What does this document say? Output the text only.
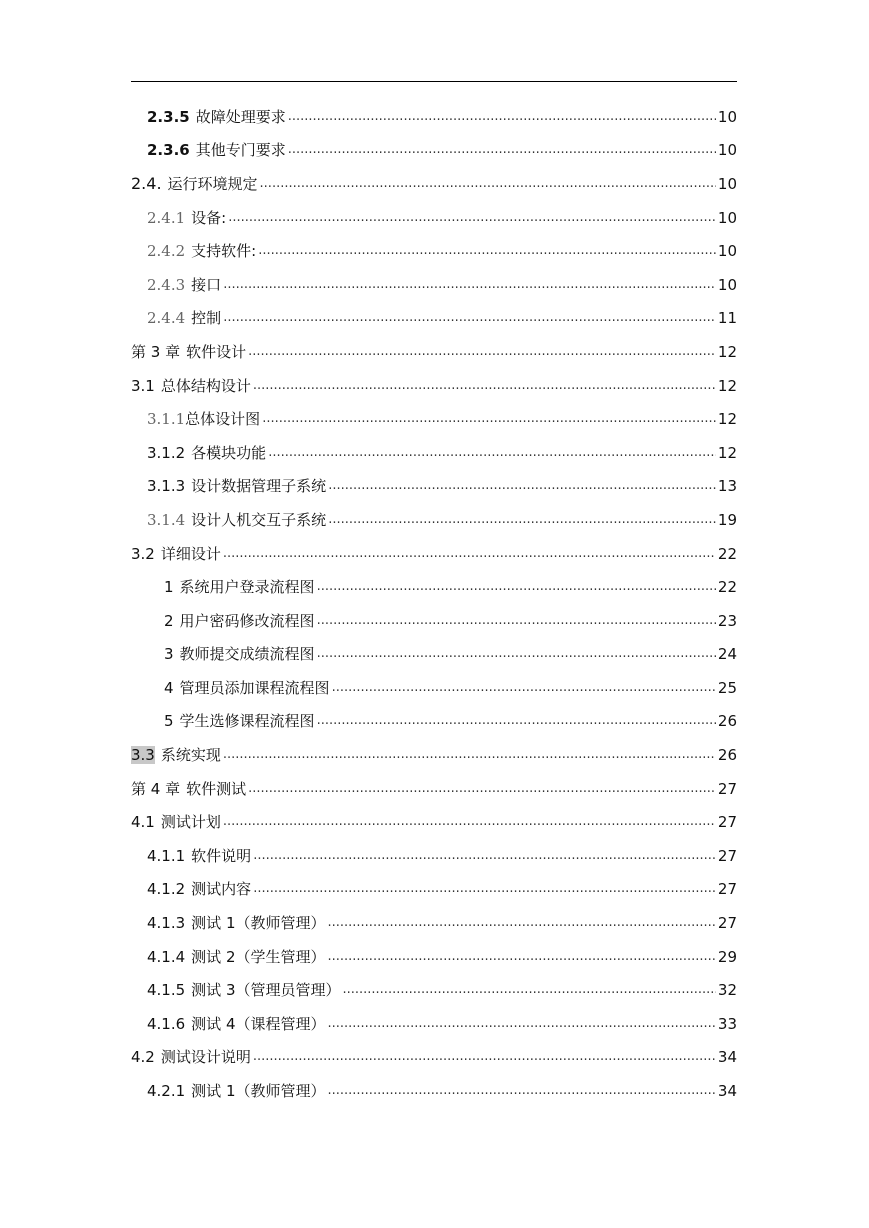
2.3.5 故障处理要求 .....	10
2.3.6 其他专门要求 .....	10
2.4. 运行环境规定 .....	10
2.4.1 设备: .....	10
2.4.2 支持软件: .....	10
2.4.3 接口 .....	10
2.4.4 控制 .....	11
第 3 章 软件设计 .....	12
3.1 总体结构设计 .....	12
3.1.1总体设计图 .....	12
3.1.2 各模块功能 .....	12
3.1.3 设计数据管理子系统 .....	13
3.1.4 设计人机交互子系统 .....	19
3.2 详细设计 .....	22
1 系统用户登录流程图 .....	22
2 用户密码修改流程图 .....	23
3 教师提交成绩流程图 .....	24
4 管理员添加课程流程图 .....	25
5 学生选修课程流程图 .....	26
3.3 系统实现 .....	26
第 4 章 软件测试 .....	27
4.1 测试计划 .....	27
4.1.1 软件说明 .....	27
4.1.2 测试内容 .....	27
4.1.3 测试 1（教师管理） .....	27
4.1.4 测试 2（学生管理） .....	29
4.1.5 测试 3（管理员管理） .....	32
4.1.6 测试 4（课程管理） .....	33
4.2 测试设计说明 .....	34
4.2.1 测试 1（教师管理） .....	34
